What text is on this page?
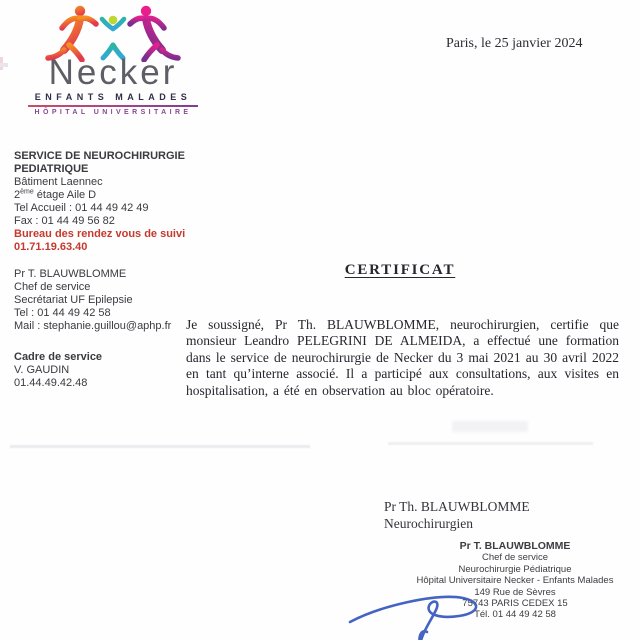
Necker
ENFANTS MALADES
HÔPITAL UNIVERSITAIRE
Paris, le 25 janvier 2024
SERVICE DE NEUROCHIRURGIE
PEDIATRIQUE
Bâtiment Laennec
2ème étage Aile D
Tel Accueil : 01 44 49 42 49
Fax : 01 44 49 56 82
Bureau des rendez vous de suivi
01.71.19.63.40
Pr T. BLAUWBLOMME
Chef de service
Secrétariat UF Epilepsie
Tel : 01 44 49 42 58
Mail : stephanie.guillou@aphp.fr
Cadre de service
V. GAUDIN
01.44.49.42.48
CERTIFICAT
Je soussigné, Pr Th. BLAUWBLOMME, neurochirurgien, certifie que monsieur Leandro PELEGRINI DE ALMEIDA, a effectué une formation dans le service de neurochirurgie de Necker du 3 mai 2021 au 30 avril 2022 en tant qu’interne associé. Il a participé aux consultations, aux visites en hospitalisation, a été en observation au bloc opératoire.
Pr Th. BLAUWBLOMME
Neurochirurgien
Pr T. BLAUWBLOMME
Chef de service
Neurochirurgie Pédiatrique
Hôpital Universitaire Necker - Enfants Malades
149 Rue de Sèvres
75743 PARIS CEDEX 15
Tél. 01 44 49 42 58
